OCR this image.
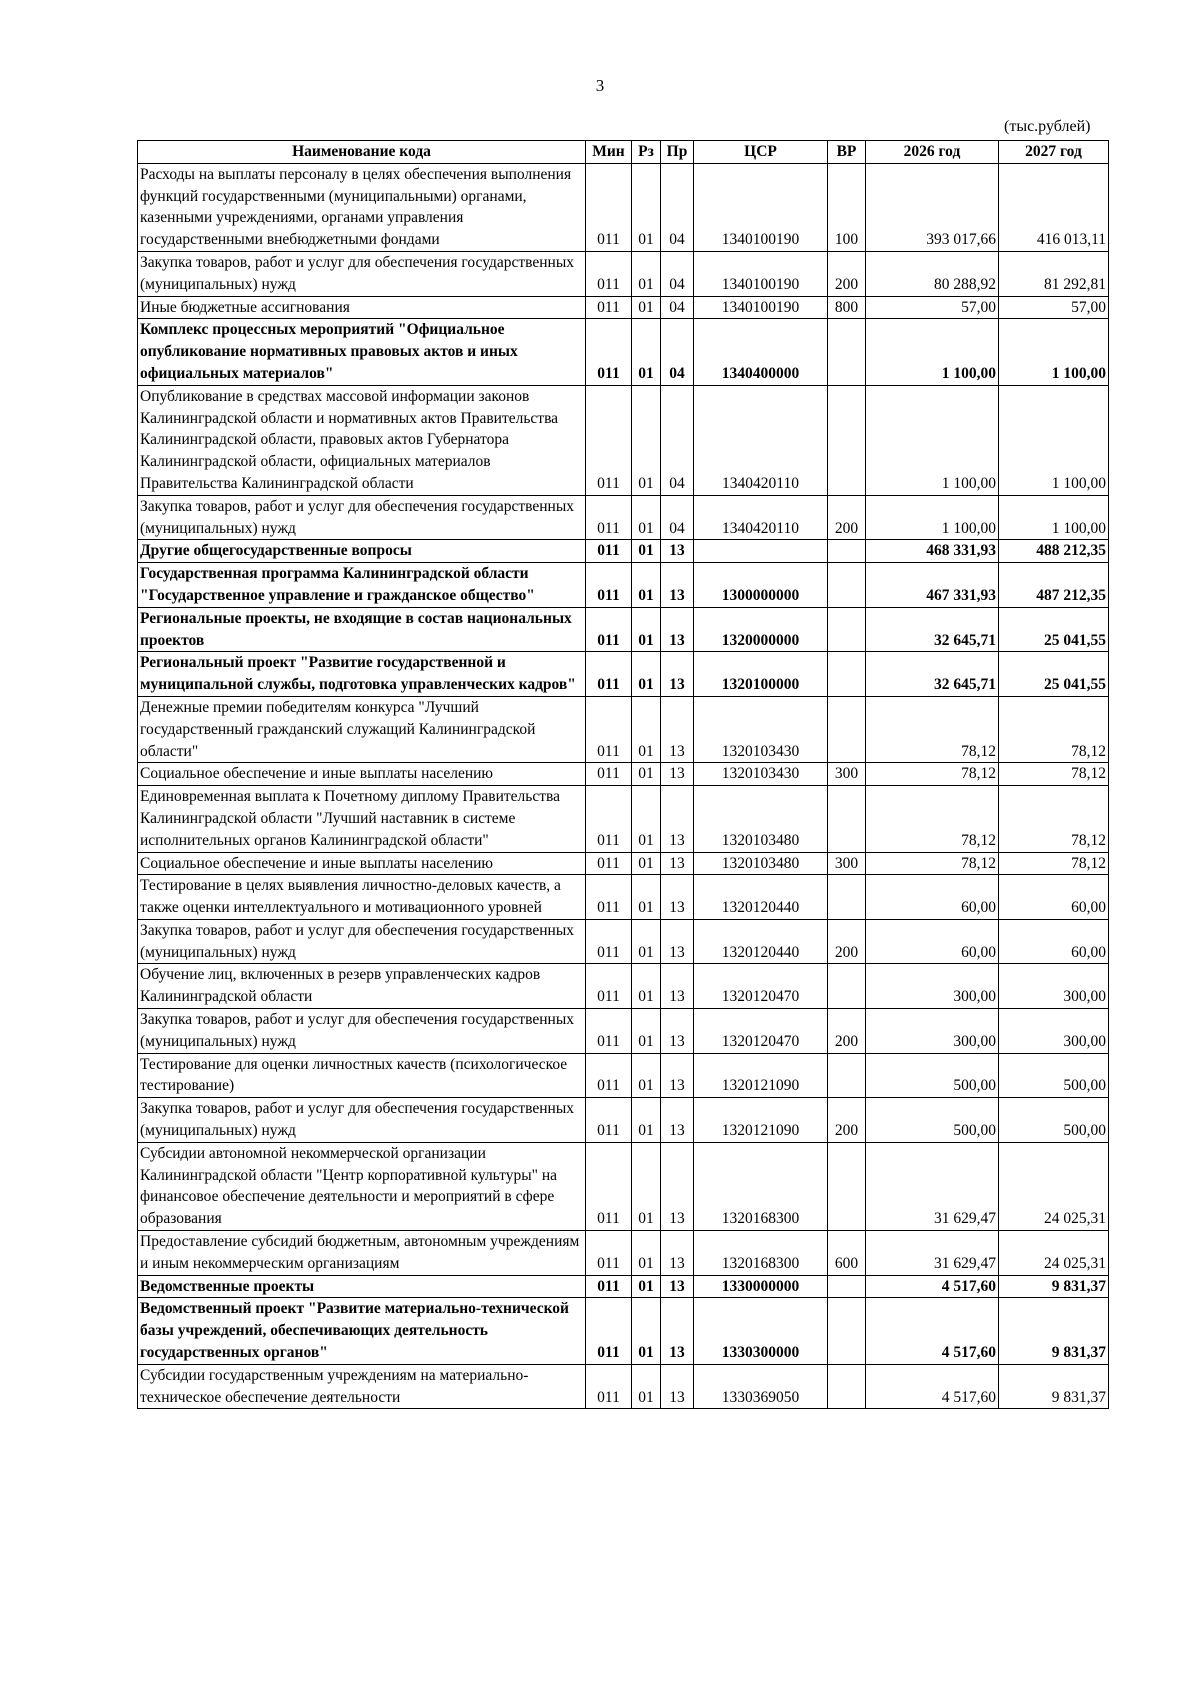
3
(тыс.рублей)
Наименование кода	Мин	Рз	Пр	ЦСР	ВР	2026 год	2027 год
Расходы на выплаты персоналу в целях обеспечения выполнения функций государственными (муниципальными) органами, казенными учреждениями, органами управления государственными внебюджетными фондами	011	01	04	1340100190	100	393 017,66	416 013,11
Закупка товаров, работ и услуг для обеспечения государственных (муниципальных) нужд	011	01	04	1340100190	200	80 288,92	81 292,81
Иные бюджетные ассигнования	011	01	04	1340100190	800	57,00	57,00
Комплекс процессных мероприятий "Официальное опубликование нормативных правовых актов и иных официальных материалов"	011	01	04	1340400000		1 100,00	1 100,00
Опубликование в средствах массовой информации законов Калининградской области и нормативных актов Правительства Калининградской области, правовых актов Губернатора Калининградской области, официальных материалов Правительства Калининградской области	011	01	04	1340420110		1 100,00	1 100,00
Закупка товаров, работ и услуг для обеспечения государственных (муниципальных) нужд	011	01	04	1340420110	200	1 100,00	1 100,00
Другие общегосударственные вопросы	011	01	13			468 331,93	488 212,35
Государственная программа Калининградской области "Государственное управление и гражданское общество"	011	01	13	1300000000		467 331,93	487 212,35
Региональные проекты, не входящие в состав национальных проектов	011	01	13	1320000000		32 645,71	25 041,55
Региональный проект "Развитие государственной и муниципальной службы, подготовка управленческих кадров"	011	01	13	1320100000		32 645,71	25 041,55
Денежные премии победителям конкурса "Лучший государственный гражданский служащий Калининградской области"	011	01	13	1320103430		78,12	78,12
Социальное обеспечение и иные выплаты населению	011	01	13	1320103430	300	78,12	78,12
Единовременная выплата к Почетному диплому Правительства Калининградской области "Лучший наставник в системе исполнительных органов Калининградской области"	011	01	13	1320103480		78,12	78,12
Социальное обеспечение и иные выплаты населению	011	01	13	1320103480	300	78,12	78,12
Тестирование в целях выявления личностно-деловых качеств, а также оценки интеллектуального и мотивационного уровней	011	01	13	1320120440		60,00	60,00
Закупка товаров, работ и услуг для обеспечения государственных (муниципальных) нужд	011	01	13	1320120440	200	60,00	60,00
Обучение лиц, включенных в резерв управленческих кадров Калининградской области	011	01	13	1320120470		300,00	300,00
Закупка товаров, работ и услуг для обеспечения государственных (муниципальных) нужд	011	01	13	1320120470	200	300,00	300,00
Тестирование для оценки личностных качеств (психологическое тестирование)	011	01	13	1320121090		500,00	500,00
Закупка товаров, работ и услуг для обеспечения государственных (муниципальных) нужд	011	01	13	1320121090	200	500,00	500,00
Субсидии автономной некоммерческой организации Калининградской области "Центр корпоративной культуры" на финансовое обеспечение деятельности и мероприятий в сфере образования	011	01	13	1320168300		31 629,47	24 025,31
Предоставление субсидий бюджетным, автономным учреждениям и иным некоммерческим организациям	011	01	13	1320168300	600	31 629,47	24 025,31
Ведомственные проекты	011	01	13	1330000000		4 517,60	9 831,37
Ведомственный проект "Развитие материально-технической базы учреждений, обеспечивающих деятельность государственных органов"	011	01	13	1330300000		4 517,60	9 831,37
Субсидии государственным учреждениям на материально-техническое обеспечение деятельности	011	01	13	1330369050		4 517,60	9 831,37
